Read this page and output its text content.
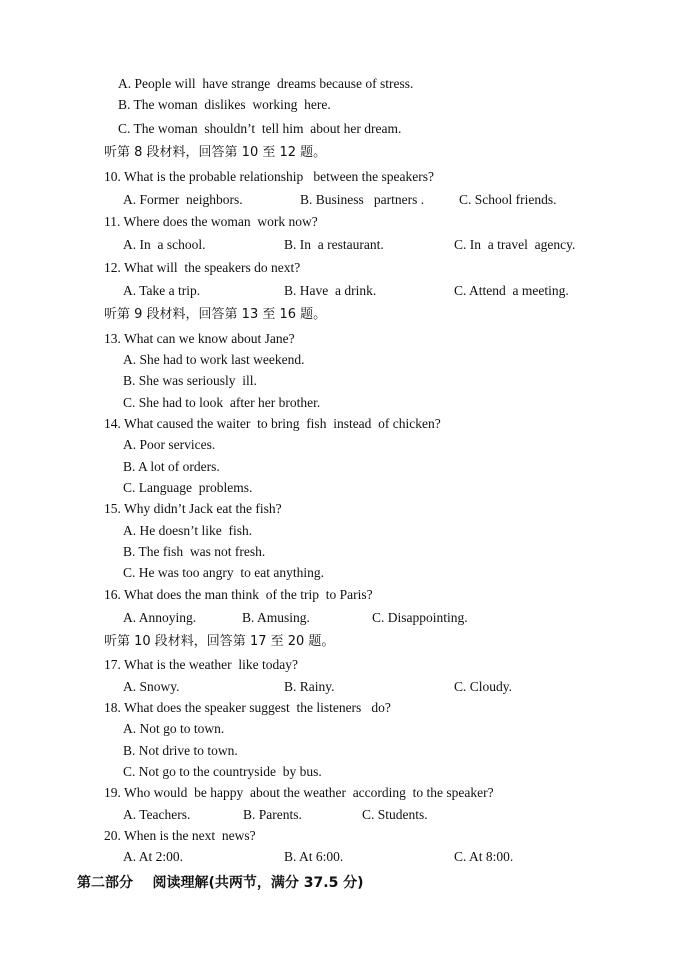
A. People will  have strange  dreams because of stress.
B. The woman  dislikes  working  here.
C. The woman  shouldn’t  tell him  about her dream.
听第 8 段材料，回答第 10 至 12 题。
10. What is the probable relationship   between the speakers?
A. Former  neighbors.	B. Business   partners .	C. School friends.
11. Where does the woman  work now?
A. In  a school.	B. In  a restaurant.	C. In  a travel  agency.
12. What will  the speakers do next?
A. Take a trip.	B. Have  a drink.	C. Attend  a meeting.
听第 9 段材料，回答第 13 至 16 题。
13. What can we know about Jane?
A. She had to work last weekend.
B. She was seriously  ill.
C. She had to look  after her brother.
14. What caused the waiter  to bring  fish  instead  of chicken?
A. Poor services.
B. A lot of orders.
C. Language  problems.
15. Why didn’t Jack eat the fish?
A. He doesn’t like  fish.
B. The fish  was not fresh.
C. He was too angry  to eat anything.
16. What does the man think  of the trip  to Paris?
A. Annoying.	B. Amusing.	C. Disappointing.
听第 10 段材料，回答第 17 至 20 题。
17. What is the weather  like today?
A. Snowy.	B. Rainy.	C. Cloudy.
18. What does the speaker suggest  the listeners   do?
A. Not go to town.
B. Not drive to town.
C. Not go to the countryside  by bus.
19. Who would  be happy  about the weather  according  to the speaker?
A. Teachers.	B. Parents.	C. Students.
20. When is the next  news?
A. At 2:00.	B. At 6:00.	C. At 8:00.
第二部分    阅读理解(共两节，满分 37.5 分)
